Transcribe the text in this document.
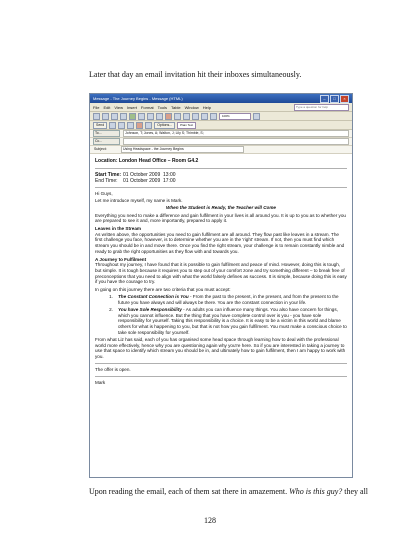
Later that day an email invitation hit their inboxes simultaneously.
Message - The Journey Begins - Message (HTML)	–	□	×
File Edit View Insert Format Tools Table Window Help	Type a question for help
100%
Send	Options...	Plain Text
To...	Johnson, T; Jones, A; Walton, J; Lily S; Thimble, S;
Cc...
Subject:	Using Headspace - the Journey Begins
Location: London Head Office – Room G4.2
Start Time: 01 October 2009 13:00
End Time:	01 October 2009 17:00

Hi Guys,

Let me introduce myself, my name is Mark.

When the Student is Ready, the Teacher will Come

Everything you need to make a difference and gain fulfilment in your lives is all around you. It is up to you as to whether you are prepared to see it and, more importantly, prepared to apply it.

Leaves in the Stream

As written above, the opportunities you need to gain fulfilment are all around. They flow past like leaves in a stream. The first challenge you face, however, is to determine whether you are in the 'right' stream. If not, then you must find which stream you should be in and move there. Once you find the right stream, your challenge is to remain constantly nimble and ready to grab the right opportunities as they flow with and towards you.

A Journey to Fulfilment

Throughout my journey, I have found that it is possible to gain fulfilment and peace of mind. However, doing this is tough, but simple. It is tough because it requires you to step out of your comfort zone and try something different – to break free of preconceptions that you need to align with what the world falsely defines as success. It is simple, because doing this is easy if you have the courage to try.

In going on this journey there are two criteria that you must accept:

1.	The Constant Connection is You - From the past to the present, in the present, and from the present to the future you have always and will always be there. You are the constant connection in your life.
2.	You have Sole Responsibility - As adults you can influence many things. You also have concern for things, which you cannot influence. But the thing that you have complete control over is you - you have sole responsibility for yourself. Taking this responsibility is a choice. It is easy to be a victim in this world and blame others for what is happening to you, but that is not how you gain fulfilment. You must make a conscious choice to take sole responsibility for yourself.

From what Liz has said, each of you has organised some head space through learning how to deal with the professional world more effectively, hence why you are questioning again why you're here. So if you are interested in taking a journey to use that space to identify which stream you should be in, and ultimately how to gain fulfilment, then I am happy to work with you.

The offer is open.

Mark

Upon reading the email, each of them sat there in amazement. Who is this guy? they all
128
